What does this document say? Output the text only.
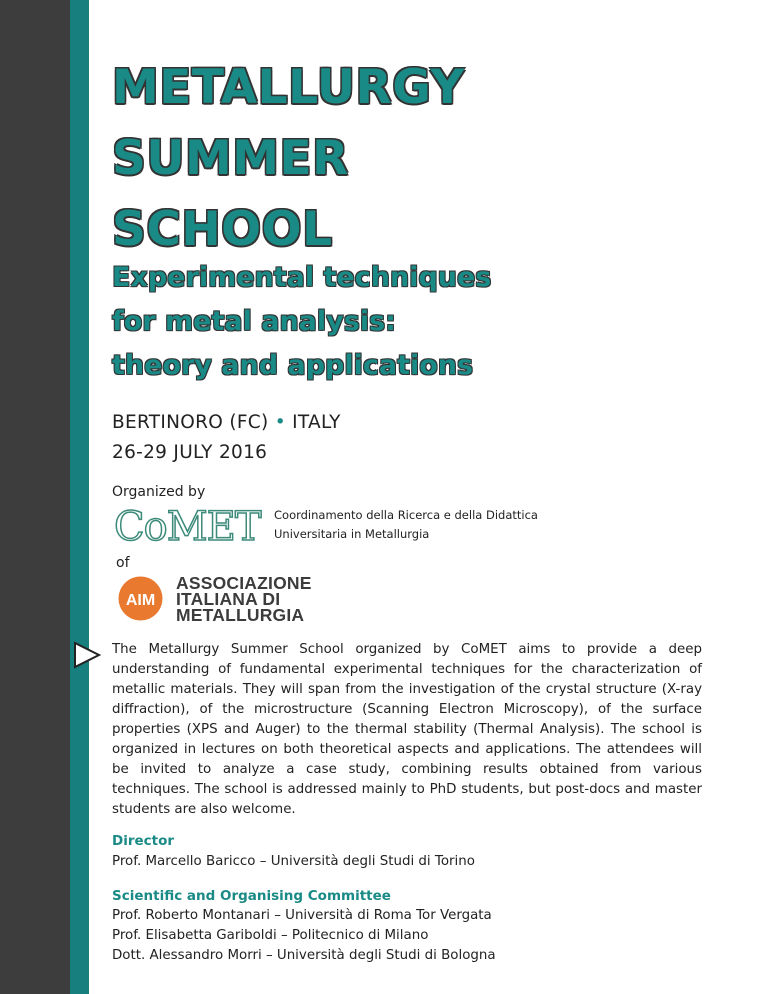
METALLURGY
SUMMER
SCHOOL
Experimental techniques
for metal analysis:
theory and applications
BERTINORO (FC) • ITALY
26-29 JULY 2016
Organized by
CoMET Coordinamento della Ricerca e della Didattica
Universitaria in Metallurgia
of
AIM
ASSOCIAZIONE
ITALIANA DI
METALLURGIA
The Metallurgy Summer School organized by CoMET aims to provide a deep understanding of fundamental experimental techniques for the characterization of metallic materials. They will span from the investigation of the crystal structure (X-ray diffraction), of the microstructure (Scanning Electron Microscopy), of the surface properties (XPS and Auger) to the thermal stability (Thermal Analysis). The school is organized in lectures on both theoretical aspects and applications. The attendees will be invited to analyze a case study, combining results obtained from various techniques. The school is addressed mainly to PhD students, but post-docs and master students are also welcome.
Director
Prof. Marcello Baricco – Università degli Studi di Torino
Scientific and Organising Committee
Prof. Roberto Montanari – Università di Roma Tor Vergata
Prof. Elisabetta Gariboldi – Politecnico di Milano
Dott. Alessandro Morri – Università degli Studi di Bologna
